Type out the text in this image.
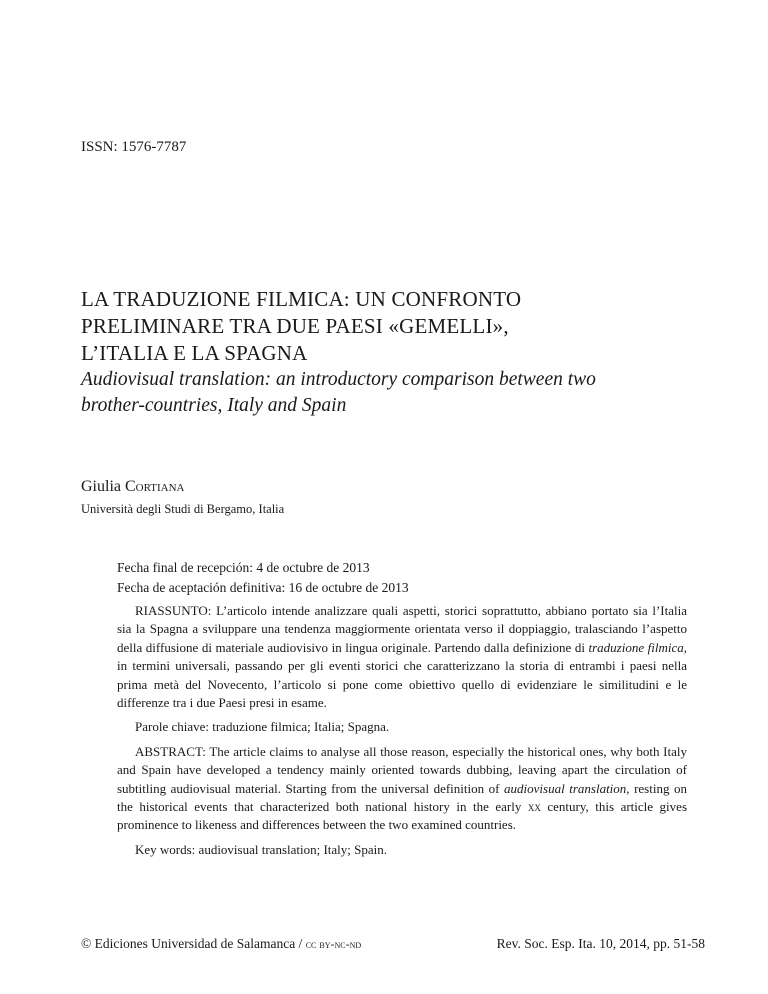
ISSN: 1576-7787
LA TRADUZIONE FILMICA: UN CONFRONTO
PRELIMINARE TRA DUE PAESI «GEMELLI»,
L’ITALIA E LA SPAGNA
Audiovisual translation: an introductory comparison between two
brother-countries, Italy and Spain
Giulia Cortiana
Università degli Studi di Bergamo, Italia
Fecha final de recepción: 4 de octubre de 2013
Fecha de aceptación definitiva: 16 de octubre de 2013

RIASSUNTO: L’articolo intende analizzare quali aspetti, storici soprattutto, abbiano portato sia l’Italia sia la Spagna a sviluppare una tendenza maggiormente orientata verso il doppiaggio, tralasciando l’aspetto della diffusione di materiale audiovisivo in lingua originale. Partendo dalla definizione di traduzione filmica, in termini universali, passando per gli eventi storici che caratterizzano la storia di entrambi i paesi nella prima metà del Novecento, l’articolo si pone come obiettivo quello di evidenziare le similitudini e le differenze tra i due Paesi presi in esame.

Parole chiave: traduzione filmica; Italia; Spagna.

ABSTRACT: The article claims to analyse all those reason, especially the historical ones, why both Italy and Spain have developed a tendency mainly oriented towards dubbing, leaving apart the circulation of subtitling audiovisual material. Starting from the universal definition of audiovisual translation, resting on the historical events that characterized both national history in the early xx century, this article gives prominence to likeness and differences between the two examined countries.

Key words: audiovisual translation; Italy; Spain.

© Ediciones Universidad de Salamanca / cc by-nc-nd	Rev. Soc. Esp. Ita. 10, 2014, pp. 51-58
